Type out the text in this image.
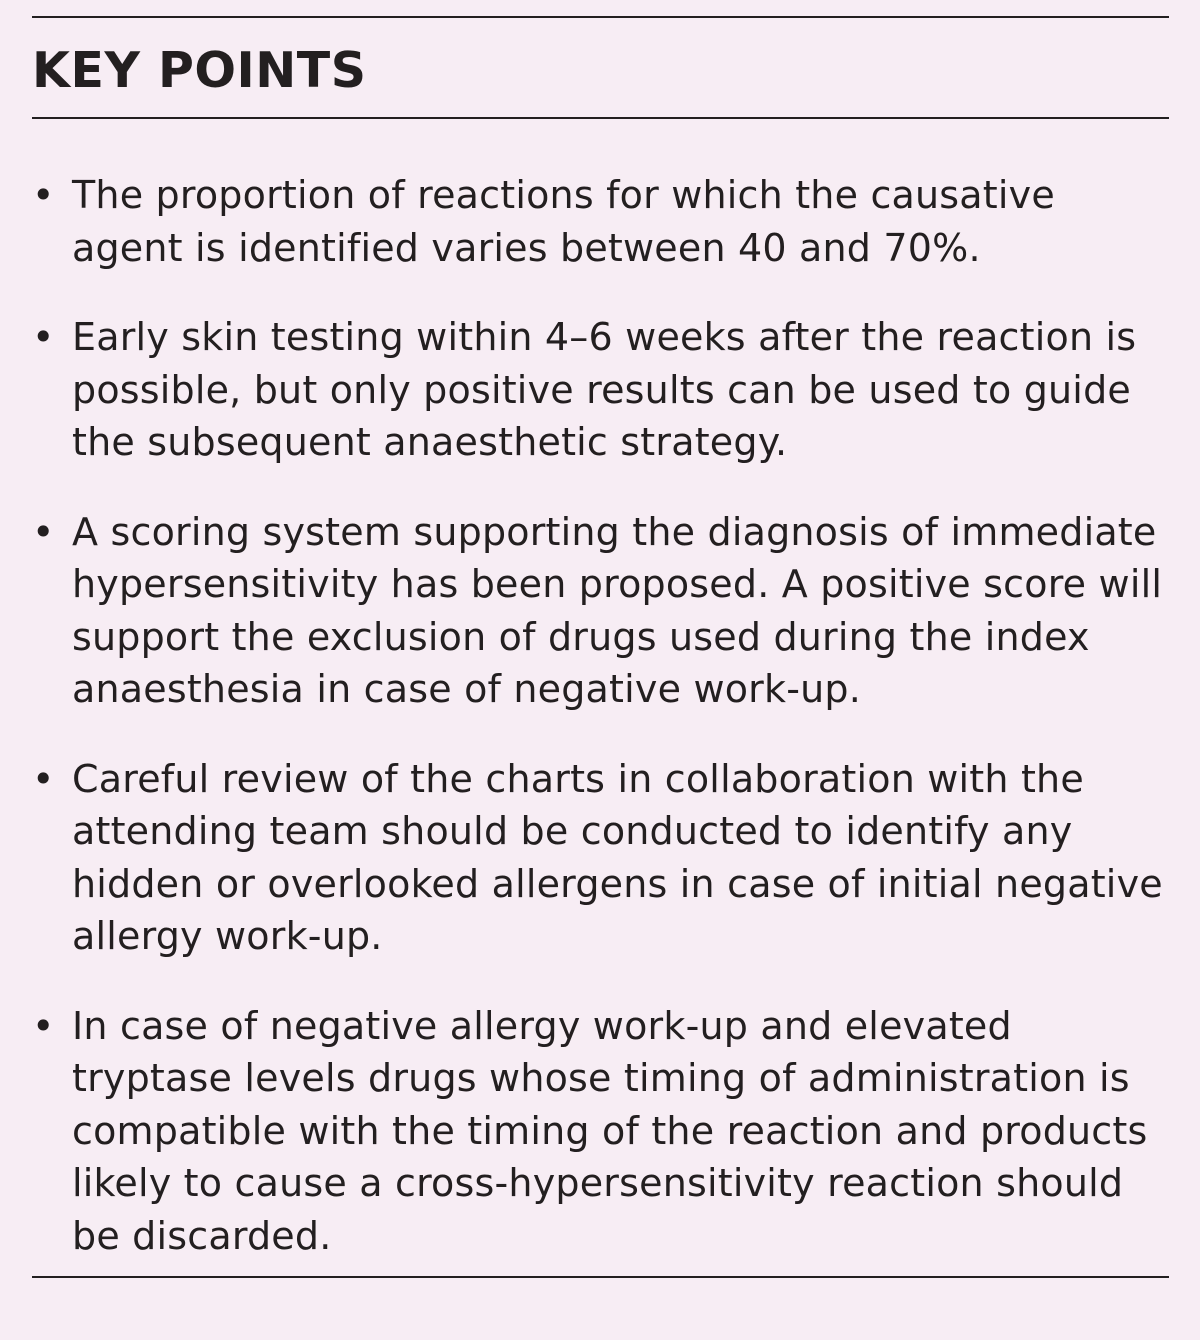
KEY POINTS
• The proportion of reactions for which the causative agent is identified varies between 40 and 70%.
• Early skin testing within 4–6 weeks after the reaction is possible, but only positive results can be used to guide the subsequent anaesthetic strategy.
• A scoring system supporting the diagnosis of immediate hypersensitivity has been proposed. A positive score will support the exclusion of drugs used during the index anaesthesia in case of negative work-up.
• Careful review of the charts in collaboration with the attending team should be conducted to identify any hidden or overlooked allergens in case of initial negative allergy work-up.
• In case of negative allergy work-up and elevated tryptase levels drugs whose timing of administration is compatible with the timing of the reaction and products likely to cause a cross-hypersensitivity reaction should be discarded.
